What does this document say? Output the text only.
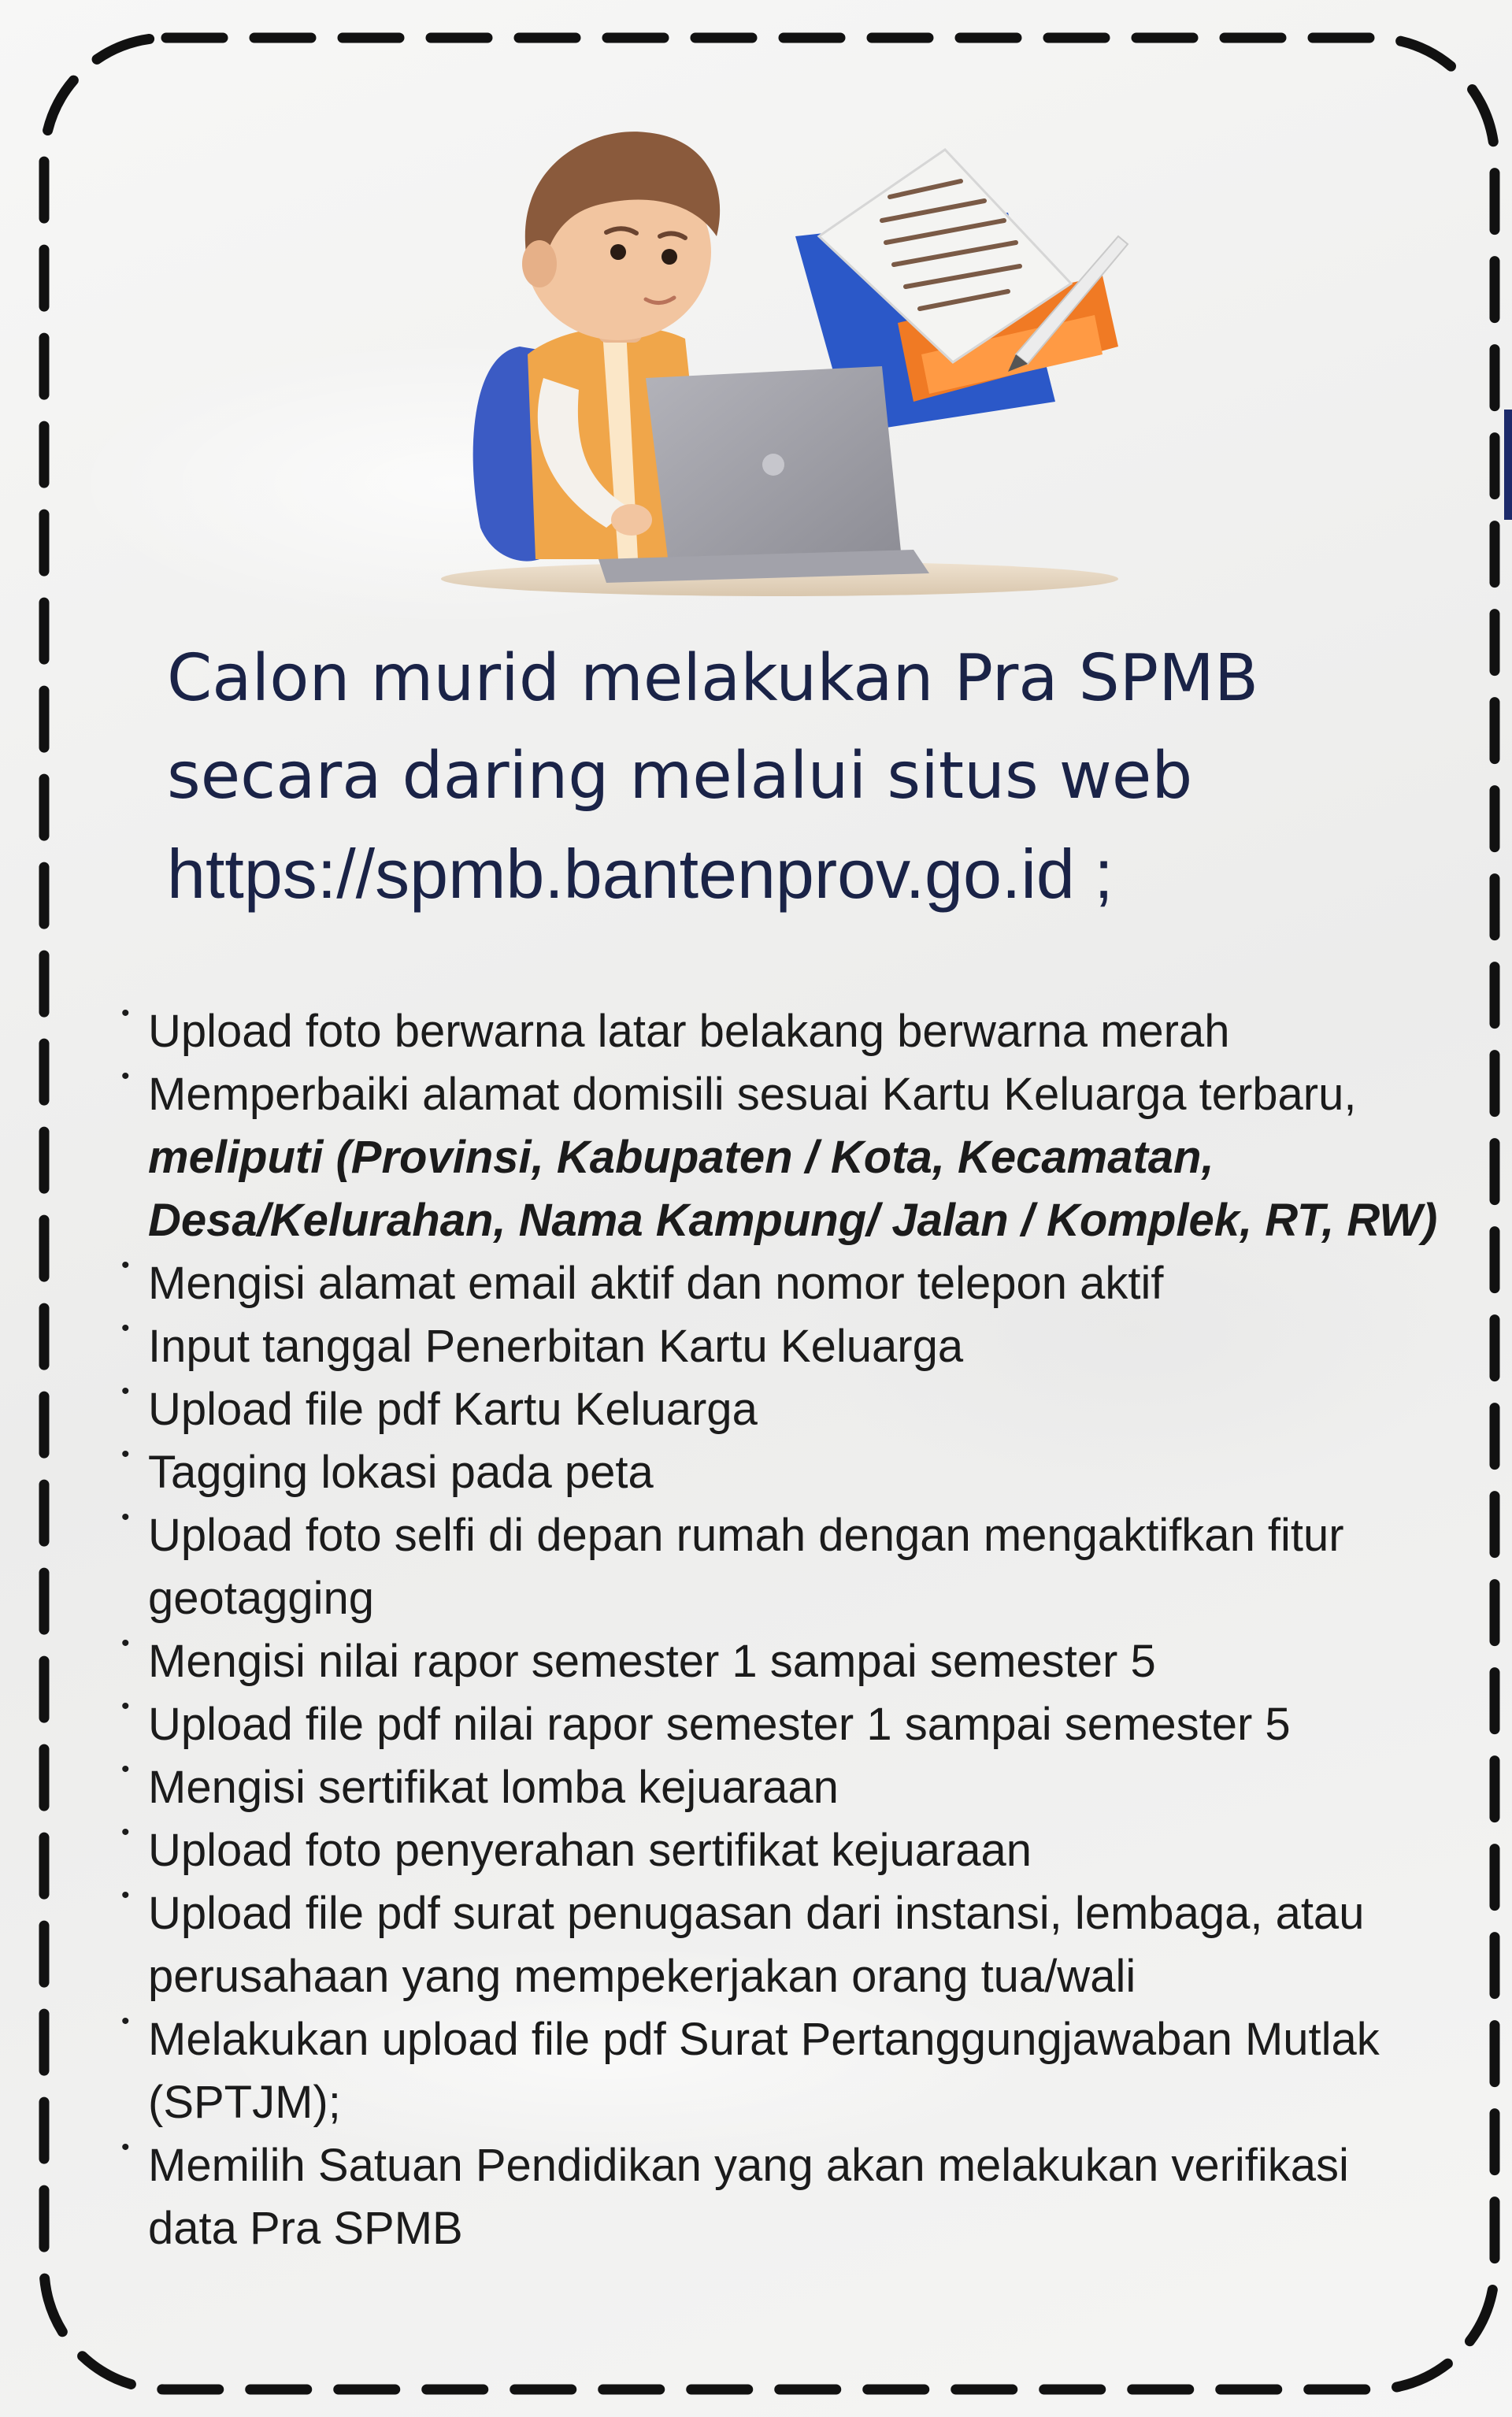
Calon murid melakukan Pra SPMB
secara daring melalui situs web
https://spmb.bantenprov.go.id ;
• Upload foto berwarna latar belakang berwarna merah
• Memperbaiki alamat domisili sesuai Kartu Keluarga terbaru, meliputi (Provinsi, Kabupaten / Kota, Kecamatan, Desa/Kelurahan, Nama Kampung/ Jalan / Komplek, RT, RW)
• Mengisi alamat email aktif dan nomor telepon aktif
• Input tanggal Penerbitan Kartu Keluarga
• Upload file pdf Kartu Keluarga
• Tagging lokasi pada peta
• Upload foto selfi di depan rumah dengan mengaktifkan fitur geotagging
• Mengisi nilai rapor semester 1 sampai semester 5
• Upload file pdf nilai rapor semester 1 sampai semester 5
• Mengisi sertifikat lomba kejuaraan
• Upload foto penyerahan sertifikat kejuaraan
• Upload file pdf surat penugasan dari instansi, lembaga, atau perusahaan yang mempekerjakan orang tua/wali
• Melakukan upload file pdf Surat Pertanggungjawaban Mutlak (SPTJM);
• Memilih Satuan Pendidikan yang akan melakukan verifikasi data Pra SPMB
